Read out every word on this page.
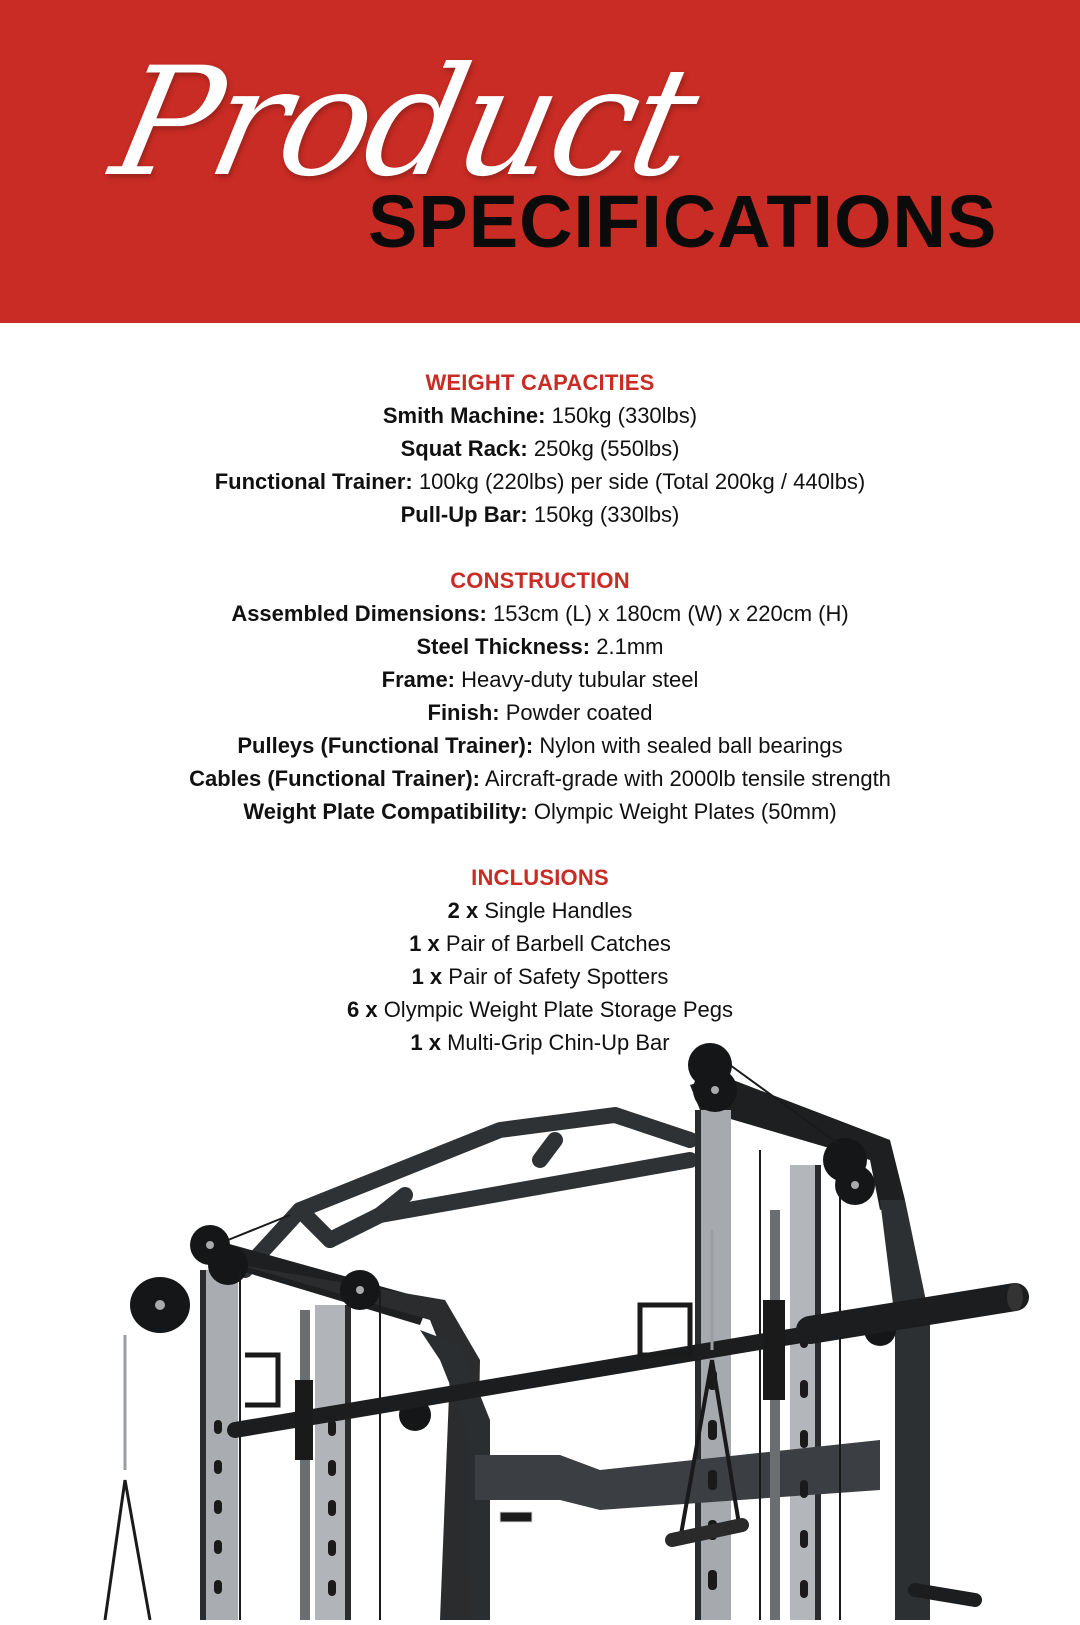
Product
SPECIFICATIONS
WEIGHT CAPACITIES
Smith Machine: 150kg (330lbs)
Squat Rack: 250kg (550lbs)
Functional Trainer: 100kg (220lbs) per side (Total 200kg / 440lbs)
Pull-Up Bar: 150kg (330lbs)
CONSTRUCTION
Assembled Dimensions: 153cm (L) x 180cm (W) x 220cm (H)
Steel Thickness: 2.1mm
Frame: Heavy-duty tubular steel
Finish: Powder coated
Pulleys (Functional Trainer): Nylon with sealed ball bearings
Cables (Functional Trainer): Aircraft-grade with 2000lb tensile strength
Weight Plate Compatibility: Olympic Weight Plates (50mm)
INCLUSIONS
2 x Single Handles
1 x Pair of Barbell Catches
1 x Pair of Safety Spotters
6 x Olympic Weight Plate Storage Pegs
1 x Multi-Grip Chin-Up Bar
